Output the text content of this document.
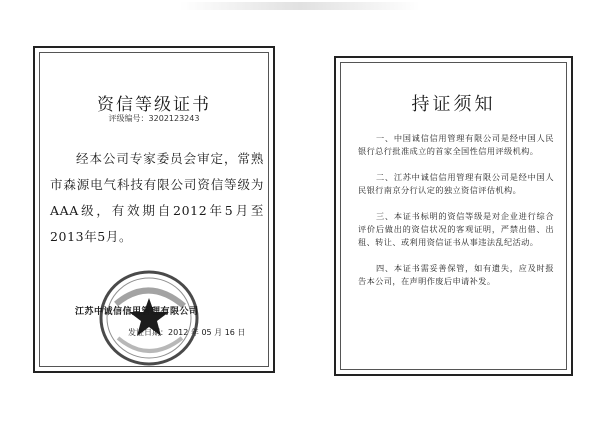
资信等级证书
评级编号：3202123243
经本公司专家委员会审定，常熟市森源电气科技有限公司资信等级为AAA级，有效期自2012年5月至2013年5月。
江苏中诚信信用管理有限公司
发证日期：2012 年 05 月 16 日
持证须知

一、中国诚信信用管理有限公司是经中国人民银行总行批准成立的首家全国性信用评级机构。

二、江苏中诚信信用管理有限公司是经中国人民银行南京分行认定的独立资信评估机构。

三、本证书标明的资信等级是对企业进行综合评价后做出的资信状况的客观证明，严禁出借、出租、转让、或利用资信证书从事违法乱纪活动。

四、本证书需妥善保管，如有遗失，应及时报告本公司，在声明作废后申请补发。
